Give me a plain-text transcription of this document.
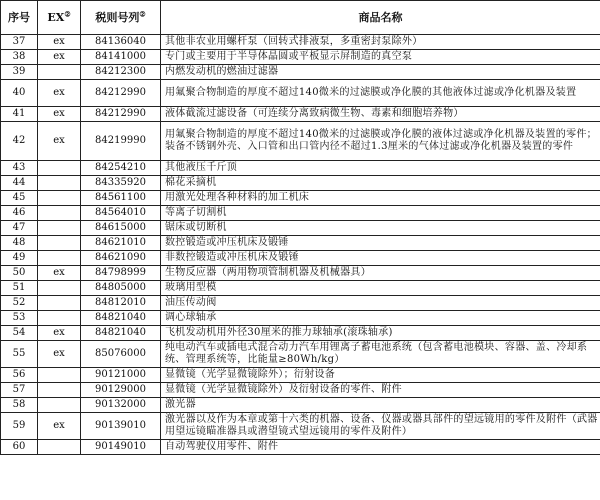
序号	EX②	税则号列②	商品名称
37	ex	84136040	其他非农业用螺杆泵（回转式排液泵，多重密封泵除外）
38	ex	84141000	专门或主要用于半导体晶圆或平板显示屏制造的真空泵
39		84212300	内燃发动机的燃油过滤器
40	ex	84212990	用氟聚合物制造的厚度不超过140微米的过滤膜或净化膜的其他液体过滤或净化机器及装置
41	ex	84212990	液体截流过滤设备（可连续分离致病微生物、毒素和细胞培养物）
42	ex	84219990	用氟聚合物制造的厚度不超过140微米的过滤膜或净化膜的液体过滤或净化机器及装置的零件；装备不锈钢外壳、入口管和出口管内径不超过1.3厘米的气体过滤或净化机器及装置的零件
43		84254210	其他液压千斤顶
44		84335920	棉花采摘机
45		84561100	用激光处理各种材料的加工机床
46		84564010	等离子切割机
47		84615000	锯床或切断机
48		84621010	数控锻造或冲压机床及锻锤
49		84621090	非数控锻造或冲压机床及锻锤
50	ex	84798999	生物反应器（两用物项管制机器及机械器具）
51		84805000	玻璃用型模
52		84812010	油压传动阀
53		84821040	调心球轴承
54	ex	84821040	飞机发动机用外径30厘米的推力球轴承(滚珠轴承)
55	ex	85076000	纯电动汽车或插电式混合动力汽车用锂离子蓄电池系统（包含蓄电池模块、容器、盖、冷却系统、管理系统等，比能量≥80Wh/kg）
56		90121000	显微镜（光学显微镜除外）；衍射设备
57		90129000	显微镜（光学显微镜除外）及衍射设备的零件、附件
58		90132000	激光器
59	ex	90139010	激光器以及作为本章或第十六类的机器、设备、仪器或器具部件的望远镜用的零件及附件（武器用望远镜瞄准器具或潜望镜式望远镜用的零件及附件）
60		90149010	自动驾驶仪用零件、附件
